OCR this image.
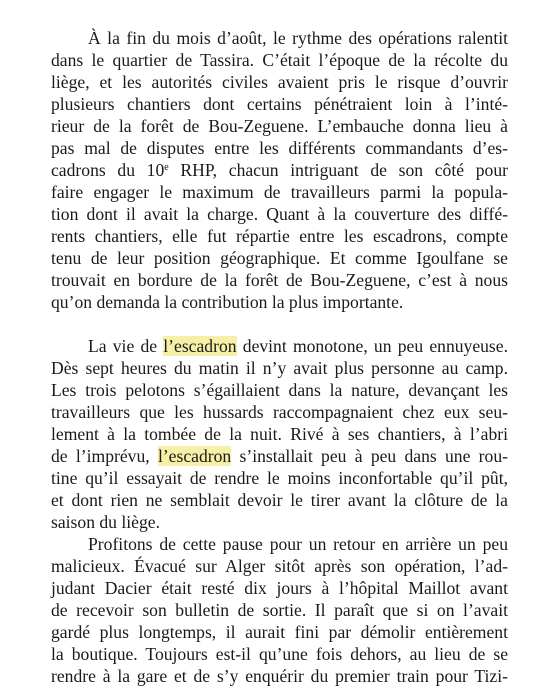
À la fin du mois d’août, le rythme des opérations ralentit
dans le quartier de Tassira. C’était l’époque de la récolte du
liège, et les autorités civiles avaient pris le risque d’ouvrir
plusieurs chantiers dont certains pénétraient loin à l’inté-
rieur de la forêt de Bou-Zeguene. L’embauche donna lieu à
pas mal de disputes entre les différents commandants d’es-
cadrons du 10e RHP, chacun intriguant de son côté pour
faire engager le maximum de travailleurs parmi la popula-
tion dont il avait la charge. Quant à la couverture des diffé-
rents chantiers, elle fut répartie entre les escadrons, compte
tenu de leur position géographique. Et comme Igoulfane se
trouvait en bordure de la forêt de Bou-Zeguene, c’est à nous
qu’on demanda la contribution la plus importante.
La vie de l’escadron devint monotone, un peu ennuyeuse.
Dès sept heures du matin il n’y avait plus personne au camp.
Les trois pelotons s’égaillaient dans la nature, devançant les
travailleurs que les hussards raccompagnaient chez eux seu-
lement à la tombée de la nuit. Rivé à ses chantiers, à l’abri
de l’imprévu, l’escadron s’installait peu à peu dans une rou-
tine qu’il essayait de rendre le moins inconfortable qu’il pût,
et dont rien ne semblait devoir le tirer avant la clôture de la
saison du liège.
Profitons de cette pause pour un retour en arrière un peu
malicieux. Évacué sur Alger sitôt après son opération, l’ad-
judant Dacier était resté dix jours à l’hôpital Maillot avant
de recevoir son bulletin de sortie. Il paraît que si on l’avait
gardé plus longtemps, il aurait fini par démolir entièrement
la boutique. Toujours est-il qu’une fois dehors, au lieu de se
rendre à la gare et de s’y enquérir du premier train pour Tizi-
